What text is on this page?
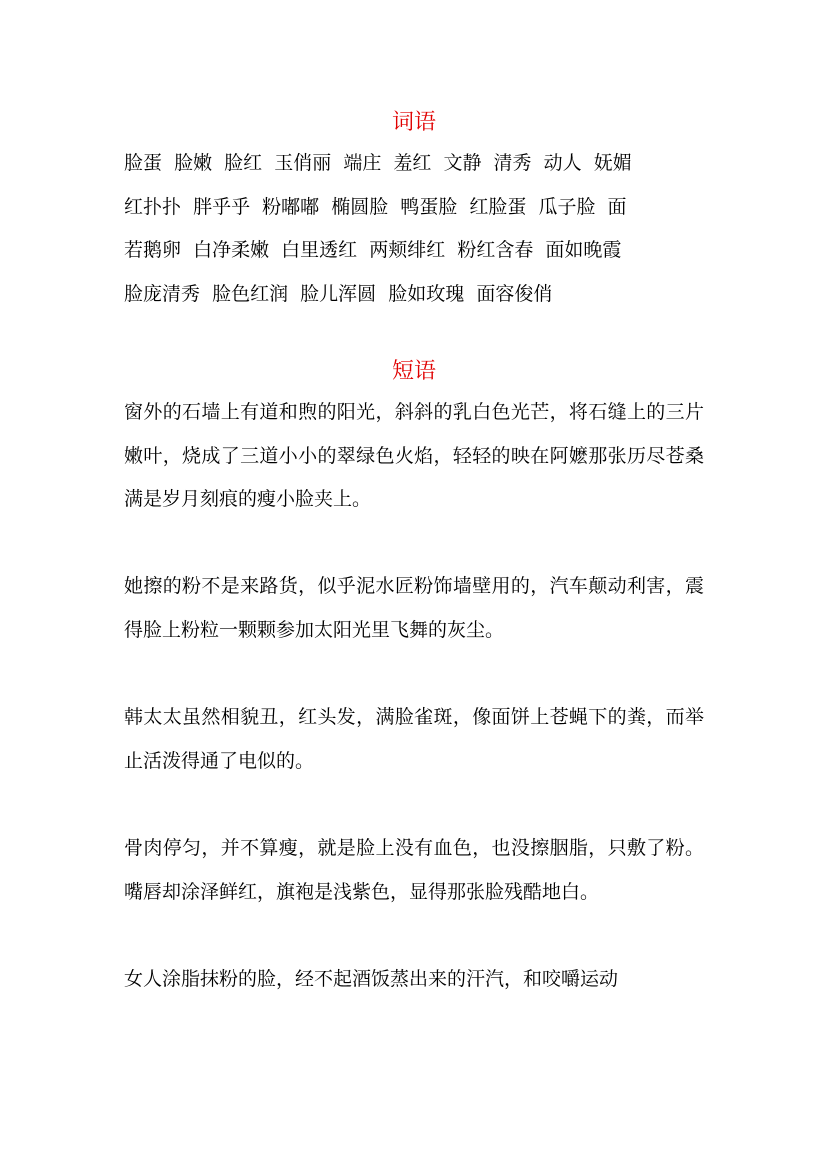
词语

脸蛋  脸嫩  脸红  玉俏丽  端庄  羞红  文静  清秀  动人  妩媚

红扑扑  胖乎乎  粉嘟嘟  椭圆脸  鸭蛋脸  红脸蛋  瓜子脸  面

若鹅卵  白净柔嫩  白里透红  两颊绯红  粉红含春  面如晚霞

脸庞清秀  脸色红润  脸儿浑圆  脸如玫瑰  面容俊俏

短语

窗外的石墙上有道和煦的阳光，斜斜的乳白色光芒，将石缝上的三片嫩叶，烧成了三道小小的翠绿色火焰，轻轻的映在阿嬷那张历尽苍桑满是岁月刻痕的瘦小脸夹上。

她擦的粉不是来路货，似乎泥水匠粉饰墙壁用的，汽车颠动利害，震得脸上粉粒一颗颗参加太阳光里飞舞的灰尘。

韩太太虽然相貌丑，红头发，满脸雀斑，像面饼上苍蝇下的粪，而举止活泼得通了电似的。

骨肉停匀，并不算瘦，就是脸上没有血色，也没擦胭脂，只敷了粉。嘴唇却涂泽鲜红，旗袍是浅紫色，显得那张脸残酷地白。

女人涂脂抹粉的脸，经不起酒饭蒸出来的汗汽，和咬嚼运动
